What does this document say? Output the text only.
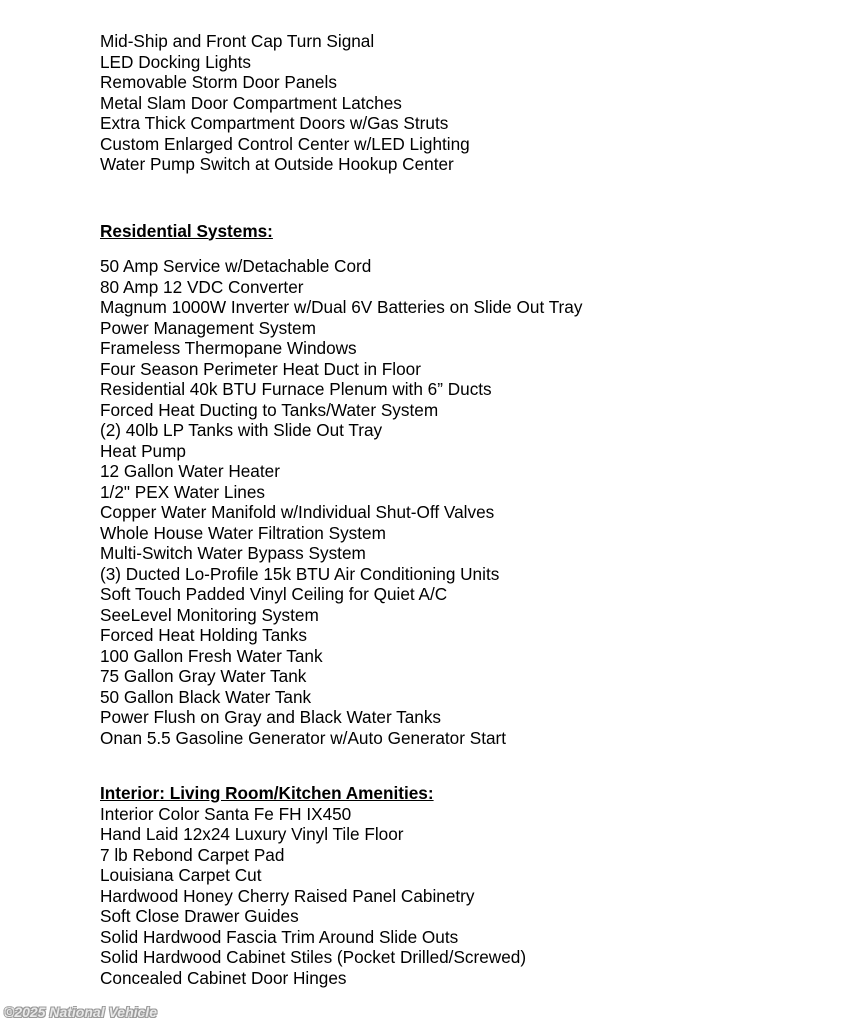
Mid-Ship and Front Cap Turn Signal
LED Docking Lights
Removable Storm Door Panels
Metal Slam Door Compartment Latches
Extra Thick Compartment Doors w/Gas Struts
Custom Enlarged Control Center w/LED Lighting
Water Pump Switch at Outside Hookup Center
Residential Systems:
50 Amp Service w/Detachable Cord
80 Amp 12 VDC Converter
Magnum 1000W Inverter w/Dual 6V Batteries on Slide Out Tray
Power Management System
Frameless Thermopane Windows
Four Season Perimeter Heat Duct in Floor
Residential 40k BTU Furnace Plenum with 6” Ducts
Forced Heat Ducting to Tanks/Water System
(2) 40lb LP Tanks with Slide Out Tray
Heat Pump
12 Gallon Water Heater
1/2" PEX Water Lines
Copper Water Manifold w/Individual Shut-Off Valves
Whole House Water Filtration System
Multi-Switch Water Bypass System
(3) Ducted Lo-Profile 15k BTU Air Conditioning Units
Soft Touch Padded Vinyl Ceiling for Quiet A/C
SeeLevel Monitoring System
Forced Heat Holding Tanks
100 Gallon Fresh Water Tank
75 Gallon Gray Water Tank
50 Gallon Black Water Tank
Power Flush on Gray and Black Water Tanks
Onan 5.5 Gasoline Generator w/Auto Generator Start
Interior: Living Room/Kitchen Amenities:
Interior Color Santa Fe FH IX450
Hand Laid 12x24 Luxury Vinyl Tile Floor
7 lb Rebond Carpet Pad
Louisiana Carpet Cut
Hardwood Honey Cherry Raised Panel Cabinetry
Soft Close Drawer Guides
Solid Hardwood Fascia Trim Around Slide Outs
Solid Hardwood Cabinet Stiles (Pocket Drilled/Screwed)
Concealed Cabinet Door Hinges
©2025 National Vehicle
